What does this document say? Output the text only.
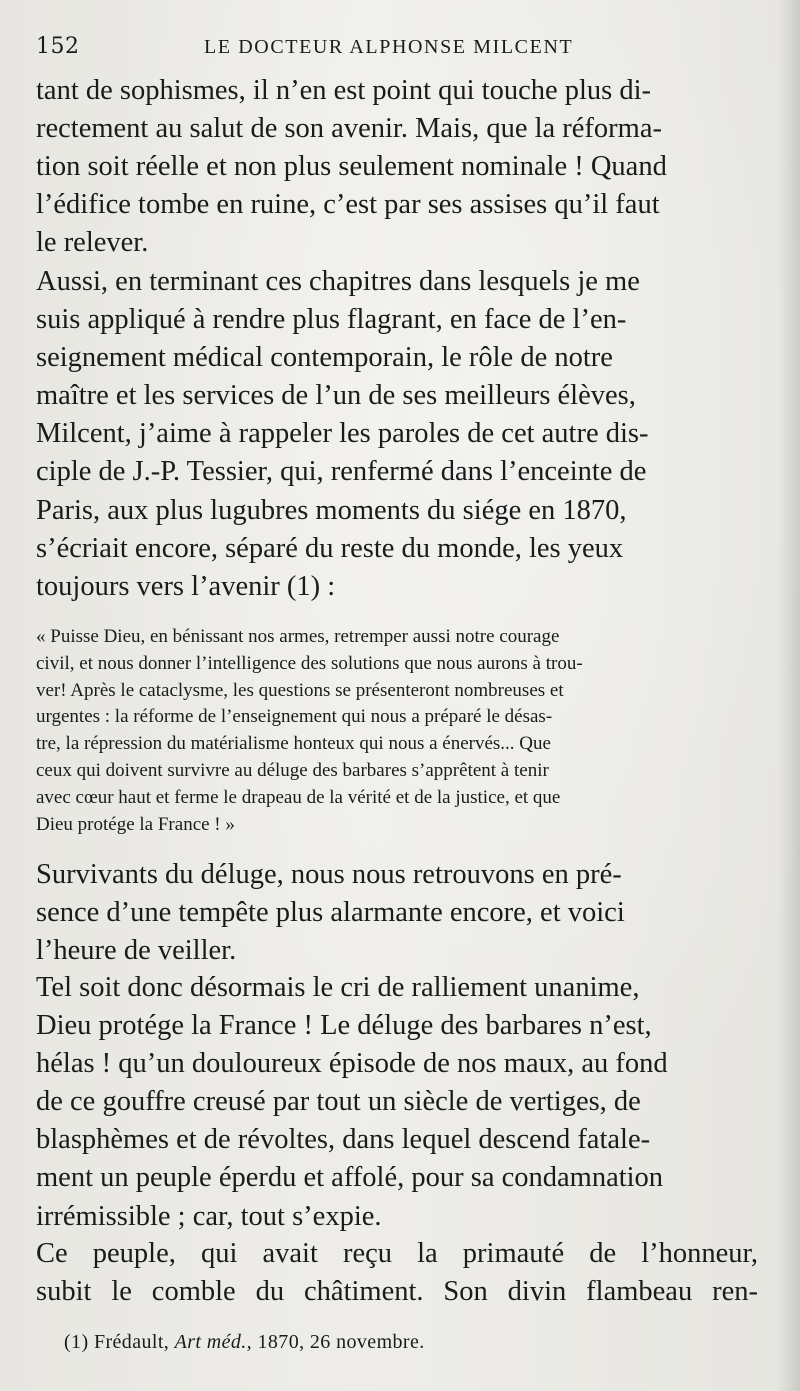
152	LE DOCTEUR ALPHONSE MILCENT

tant de sophismes, il n’en est point qui touche plus di-
rectement au salut de son avenir. Mais, que la réforma-
tion soit réelle et non plus seulement nominale ! Quand
l’édifice tombe en ruine, c’est par ses assises qu’il faut
le relever.

Aussi, en terminant ces chapitres dans lesquels je me
suis appliqué à rendre plus flagrant, en face de l’en-
seignement médical contemporain, le rôle de notre
maître et les services de l’un de ses meilleurs élèves,
Milcent, j’aime à rappeler les paroles de cet autre dis-
ciple de J.-P. Tessier, qui, renfermé dans l’enceinte de
Paris, aux plus lugubres moments du siége en 1870,
s’écriait encore, séparé du reste du monde, les yeux
toujours vers l’avenir (1) :

« Puisse Dieu, en bénissant nos armes, retremper aussi notre courage
civil, et nous donner l’intelligence des solutions que nous aurons à trou-
ver! Après le cataclysme, les questions se présenteront nombreuses et
urgentes : la réforme de l’enseignement qui nous a préparé le désas-
tre, la répression du matérialisme honteux qui nous a énervés... Que
ceux qui doivent survivre au déluge des barbares s’apprêtent à tenir
avec cœur haut et ferme le drapeau de la vérité et de la justice, et que
Dieu protége la France ! »

Survivants du déluge, nous nous retrouvons en pré-
sence d’une tempête plus alarmante encore, et voici
l’heure de veiller.

Tel soit donc désormais le cri de ralliement unanime,
Dieu protége la France ! Le déluge des barbares n’est,
hélas ! qu’un douloureux épisode de nos maux, au fond
de ce gouffre creusé par tout un siècle de vertiges, de
blasphèmes et de révoltes, dans lequel descend fatale-
ment un peuple éperdu et affolé, pour sa condamnation
irrémissible ; car, tout s’expie.

Ce peuple, qui avait reçu la primauté de l’honneur,
subit le comble du châtiment. Son divin flambeau ren-

(1) Frédault, Art méd., 1870, 26 novembre.
